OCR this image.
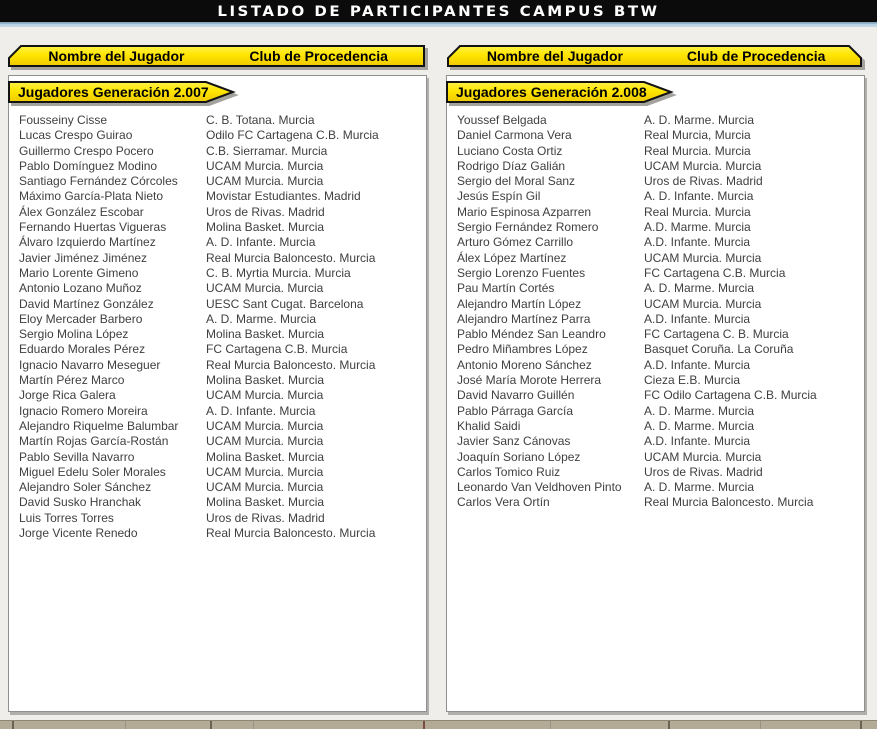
LISTADO DE PARTICIPANTES CAMPUS BTW
Nombre del Jugador	Club de Procedencia	Nombre del Jugador	Club de Procedencia
Fousseiny Cisse	C. B. Totana. Murcia
Lucas Crespo Guirao	Odilo FC Cartagena C.B. Murcia
Guillermo Crespo Pocero	C.B. Sierramar. Murcia
Pablo Domínguez Modino	UCAM Murcia. Murcia
Santiago Fernández Córcoles	UCAM Murcia. Murcia
Máximo García-Plata Nieto	Movistar Estudiantes. Madrid
Álex González Escobar	Uros de Rivas. Madrid
Fernando Huertas Vigueras	Molina Basket. Murcia
Álvaro Izquierdo Martínez	A. D. Infante. Murcia
Javier Jiménez Jiménez	Real Murcia Baloncesto. Murcia
Mario Lorente Gimeno	C. B. Myrtia Murcia. Murcia
Antonio Lozano Muñoz	UCAM Murcia. Murcia
David Martínez González	UESC Sant Cugat. Barcelona
Eloy Mercader Barbero	A. D. Marme. Murcia
Sergio Molina López	Molina Basket. Murcia
Eduardo Morales Pérez	FC Cartagena C.B. Murcia
Ignacio Navarro Meseguer	Real Murcia Baloncesto. Murcia
Martín Pérez Marco	Molina Basket. Murcia
Jorge Rica Galera	UCAM Murcia. Murcia
Ignacio Romero Moreira	A. D. Infante. Murcia
Alejandro Riquelme Balumbar	UCAM Murcia. Murcia
Martín Rojas García-Rostán	UCAM Murcia. Murcia
Pablo Sevilla Navarro	Molina Basket. Murcia
Miguel Edelu Soler Morales	UCAM Murcia. Murcia
Alejandro Soler Sánchez	UCAM Murcia. Murcia
David Susko Hranchak	Molina Basket. Murcia
Luis Torres Torres	Uros de Rivas. Madrid
Jorge Vicente Renedo	Real Murcia Baloncesto. Murcia
Youssef Belgada	A. D. Marme. Murcia
Daniel Carmona Vera	Real Murcia, Murcia
Luciano Costa Ortiz	Real Murcia. Murcia
Rodrigo Díaz Galián	UCAM Murcia. Murcia
Sergio del Moral Sanz	Uros de Rivas. Madrid
Jesús Espín Gil	A. D. Infante. Murcia
Mario Espinosa Azparren	Real Murcia. Murcia
Sergio Fernández Romero	A.D. Marme. Murcia
Arturo Gómez Carrillo	A.D. Infante. Murcia
Álex López Martínez	UCAM Murcia. Murcia
Sergio Lorenzo Fuentes	FC Cartagena C.B. Murcia
Pau Martín Cortés	A. D. Marme. Murcia
Alejandro Martín López	UCAM Murcia. Murcia
Alejandro Martínez Parra	A.D. Infante. Murcia
Pablo Méndez San Leandro	FC Cartagena C. B. Murcia
Pedro Miñambres López	Basquet Coruña. La Coruña
Antonio Moreno Sánchez	A.D. Infante. Murcia
José María Morote Herrera	Cieza E.B. Murcia
David Navarro Guillén	FC Odilo Cartagena C.B. Murcia
Pablo Párraga García	A. D. Marme. Murcia
Khalid Saidi	A. D. Marme. Murcia
Javier Sanz Cánovas	A.D. Infante. Murcia
Joaquín Soriano López	UCAM Murcia. Murcia
Carlos Tomico Ruiz	Uros de Rivas. Madrid
Leonardo Van Veldhoven Pinto	A. D. Marme. Murcia
Carlos Vera Ortín	Real Murcia Baloncesto. Murcia
Jugadores Generación 2.007	Jugadores Generación 2.008
